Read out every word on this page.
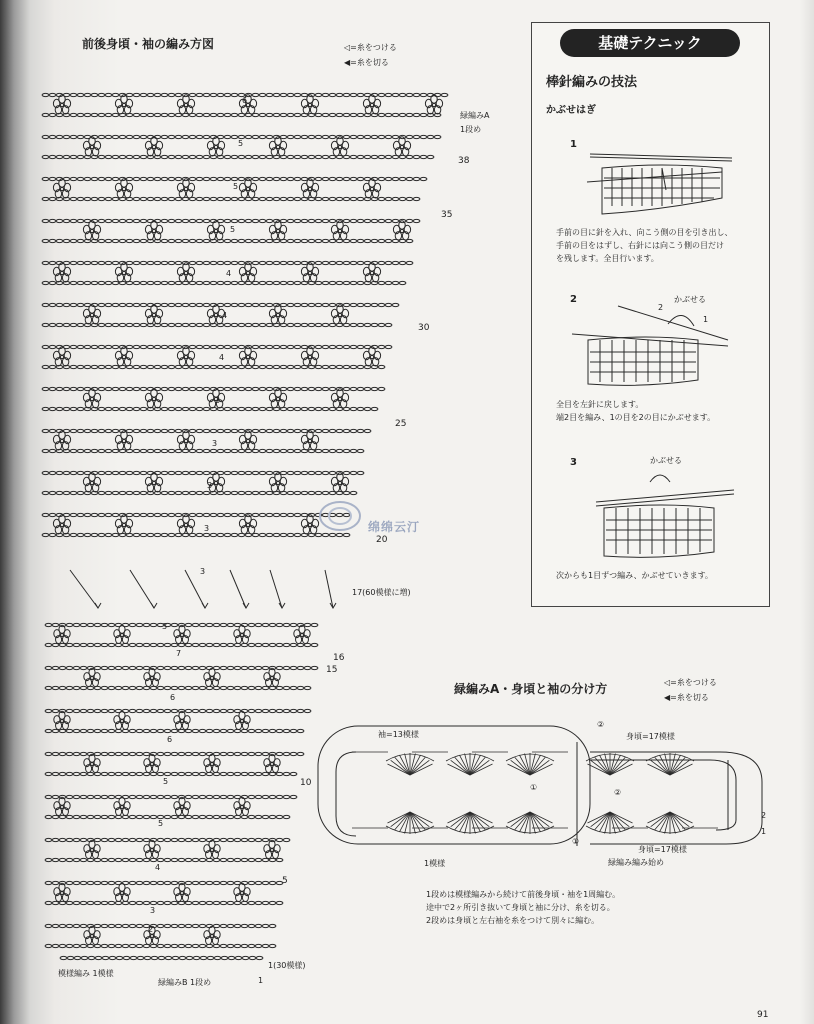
前後身頃・袖の編み方図	◁=糸をつける
◀=糸を切る
6
5
5
5
4
4
4
3
3
3
3
3
3
7
6
6
5
5
4
3
2
緑編みA
1段め
38
35
30
25
20
17(60模様に増)
16
15
10
5
1(30模様)
1
模様編み 1模様
緑編みB 1段め
绵绵云汀
基礎テクニック
棒針編みの技法
かぶせはぎ
1
手前の目に針を入れ、向こう側の目を引き出し、
手前の目をはずし、右針には向こう側の目だけ
を残します。全目行います。
2	かぶせる
2
1
全目を左針に戻します。
端2目を編み、1の目を2の目にかぶせます。
3	かぶせる
次からも1目ずつ編み、かぶせていきます。
緑編みA・身頃と袖の分け方	◁=糸をつける
◀=糸を切る
袖=13模様	身頃=17模様
身頃=17模様
1模様	緑編み編み始め
②
①
②
①
2
1
1段めは模様編みから続けて前後身頃・袖を1周編む。
途中で2ヶ所引き抜いて身頃と袖に分け、糸を切る。
2段めは身頃と左右袖を糸をつけて別々に編む。
91
